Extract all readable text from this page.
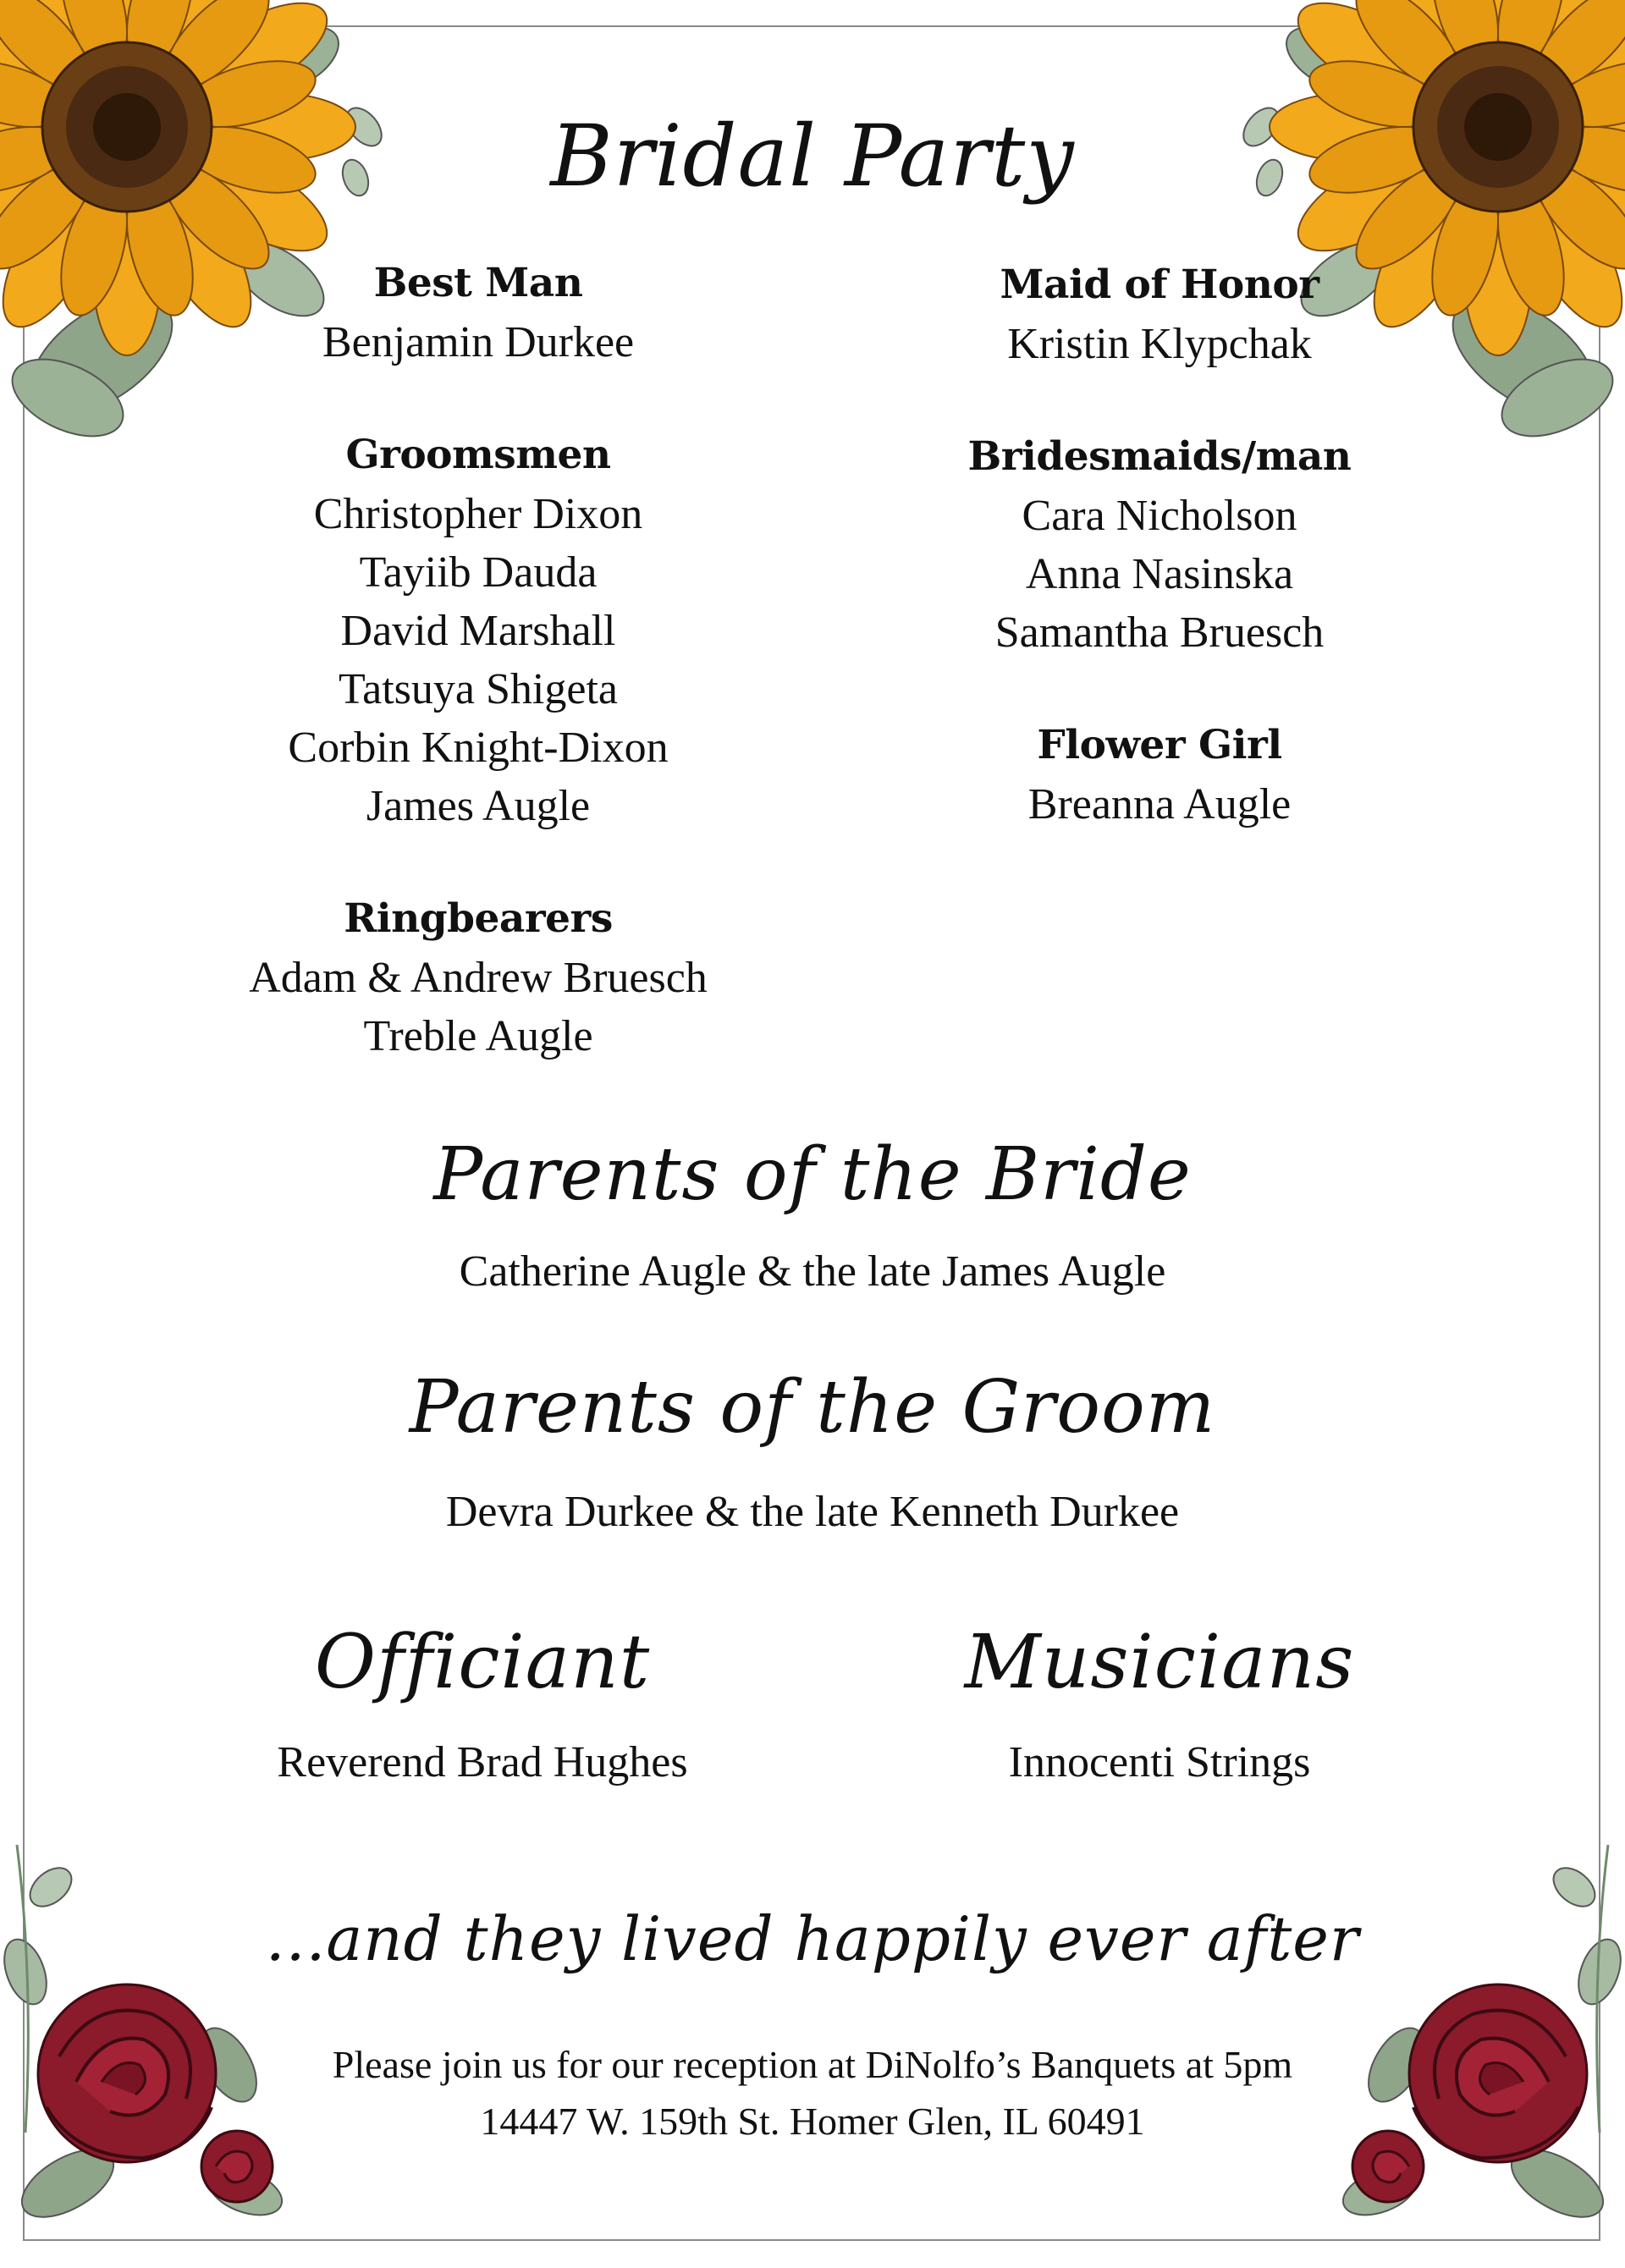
Bridal Party
Best Man
Benjamin Durkee
Groomsmen
Christopher Dixon
Tayiib Dauda
David Marshall
Tatsuya Shigeta
Corbin Knight-Dixon
James Augle
Ringbearers
Adam & Andrew Bruesch
Treble Augle
Maid of Honor
Kristin Klypchak
Bridesmaids/man
Cara Nicholson
Anna Nasinska
Samantha Bruesch
Flower Girl
Breanna Augle
Parents of the Bride
Catherine Augle & the late James Augle
Parents of the Groom
Devra Durkee & the late Kenneth Durkee
Officiant
Reverend Brad Hughes
Musicians
Innocenti Strings
...and they lived happily ever after
Please join us for our reception at DiNolfo’s Banquets at 5pm
14447 W. 159th St. Homer Glen, IL 60491
